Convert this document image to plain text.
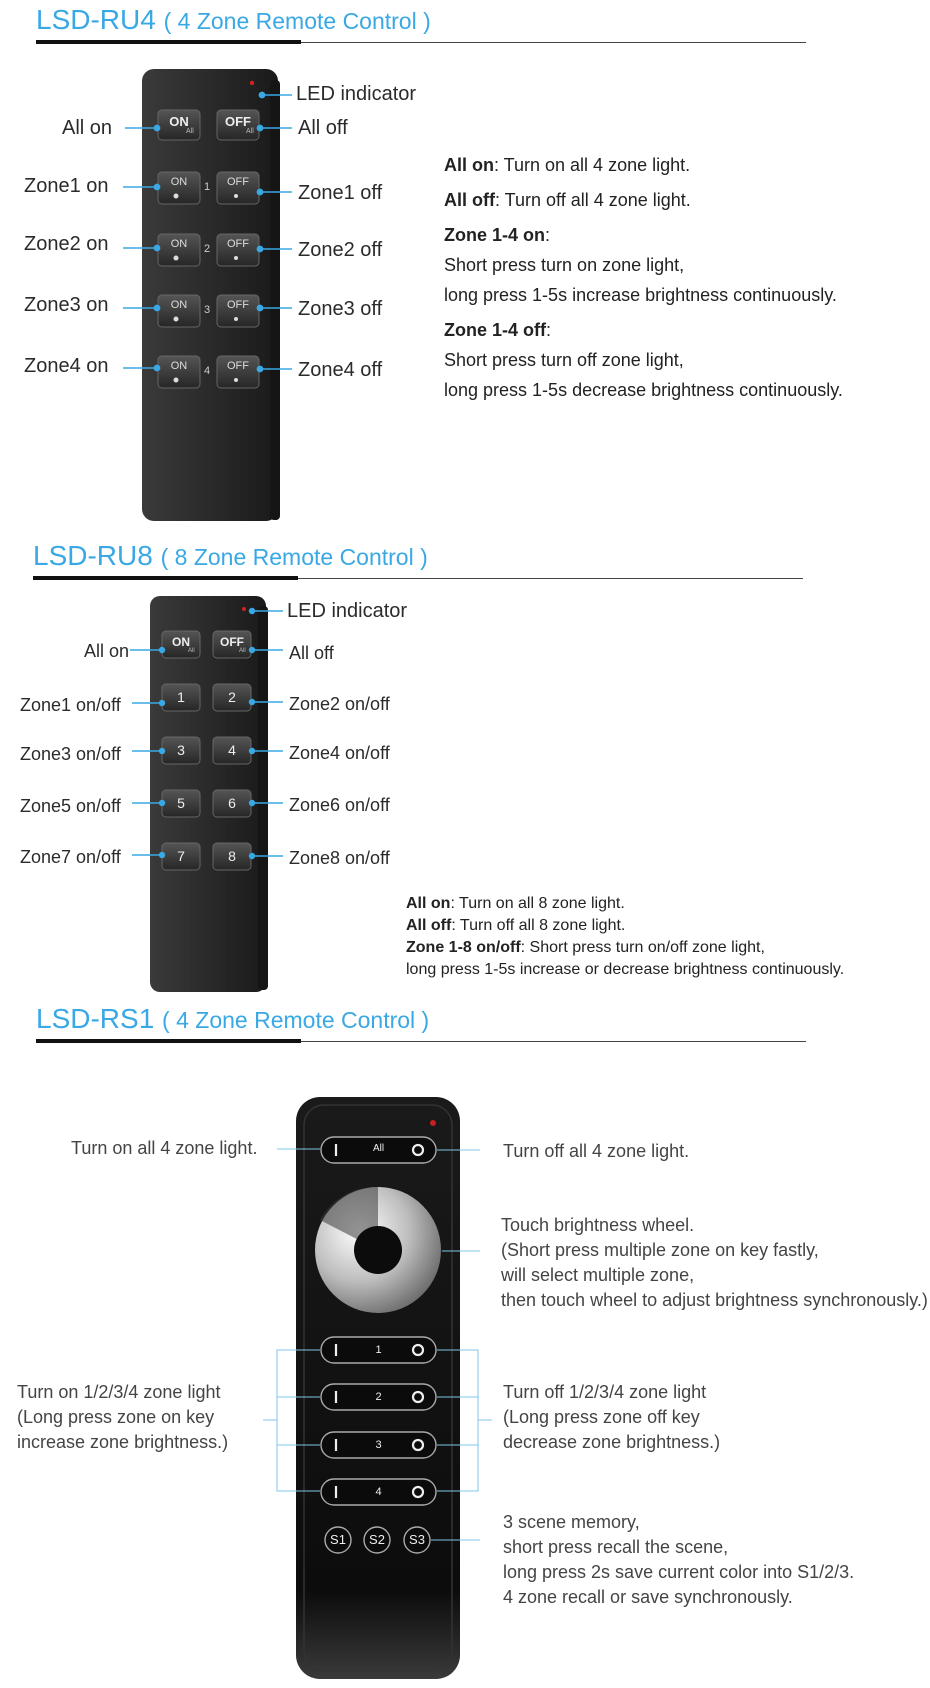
LSD-RU4 ( 4 Zone Remote Control )
LED indicator
All on
Zone1 on
Zone2 on
Zone3 on
Zone4 on
All off
Zone1 off
Zone2 off
Zone3 off
Zone4 off
ON
All
OFF
All
ON	OFF
1
ON	OFF
2
ON	OFF
3
ON	OFF
4
All on: Turn on all 4 zone light.
All off: Turn off all 4 zone light.
Zone 1-4 on:
Short press turn on zone light,
long press 1-5s increase brightness continuously.
Zone 1-4 off:
Short press turn off zone light,
long press 1-5s decrease brightness continuously.
LSD-RU8 ( 8 Zone Remote Control )
LED indicator
All on	All off
Zone1 on/off
Zone3 on/off
Zone5 on/off
Zone7 on/off
Zone2 on/off
Zone4 on/off
Zone6 on/off
Zone8 on/off
ON
All
OFF
All
1	2
3	4
5	6
7	8
All on: Turn on all 8 zone light.
All off: Turn off all 8 zone light.
Zone 1-8 on/off: Short press turn on/off zone light,
long press 1-5s increase or decrease brightness continuously.
LSD-RS1 ( 4 Zone Remote Control )
All
1
2
3
4
S1	S2	S3
Turn on all 4 zone light.	Turn off all 4 zone light.
Touch brightness wheel.
(Short press multiple zone on key fastly,
will select multiple zone,
then touch wheel to adjust brightness synchronously.)
Turn on 1/2/3/4 zone light
(Long press zone on key
increase zone brightness.)
Turn off 1/2/3/4 zone light
(Long press zone off key
decrease zone brightness.)
3 scene memory,
short press recall the scene,
long press 2s save current color into S1/2/3.
4 zone recall or save synchronously.
